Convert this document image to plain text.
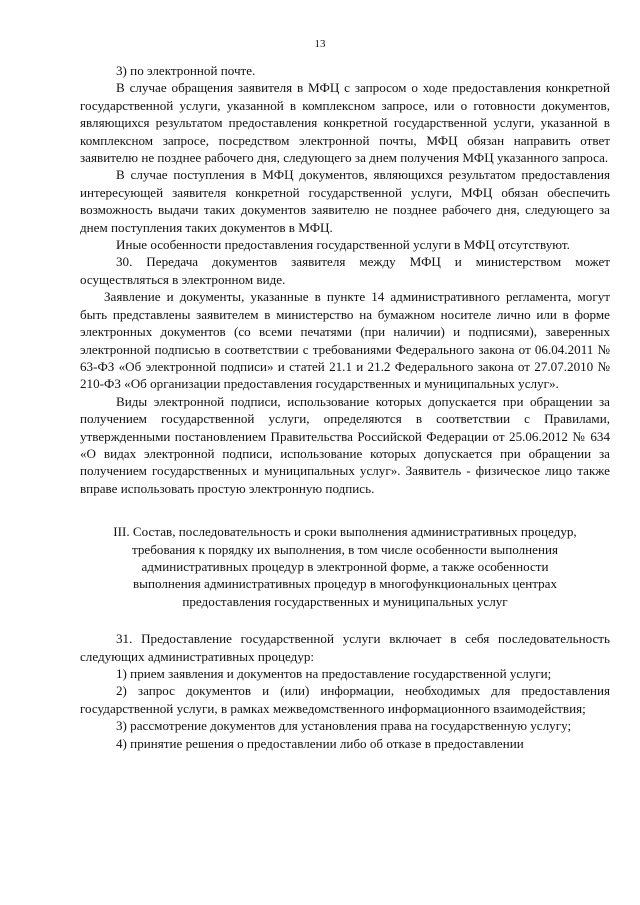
13

3) по электронной почте.

В случае обращения заявителя в МФЦ с запросом о ходе предоставления конкретной государственной услуги, указанной в комплексном запросе, или о готовности документов, являющихся результатом предоставления конкретной государственной услуги, указанной в комплексном запросе, посредством электронной почты, МФЦ обязан направить ответ заявителю не позднее рабочего дня, следующего за днем получения МФЦ указанного запроса.

В случае поступления в МФЦ документов, являющихся результатом предоставления интересующей заявителя конкретной государственной услуги, МФЦ обязан обеспечить возможность выдачи таких документов заявителю не позднее рабочего дня, следующего за днем поступления таких документов в МФЦ.

Иные особенности предоставления государственной услуги в МФЦ отсутствуют.

30. Передача документов заявителя между МФЦ и министерством может осуществляться в электронном виде.

Заявление и документы, указанные в пункте 14 административного регламента, могут быть представлены заявителем в министерство на бумажном носителе лично или в форме электронных документов (со всеми печатями (при наличии) и подписями), заверенных электронной подписью в соответствии с требованиями Федерального закона от 06.04.2011 № 63-ФЗ «Об электронной подписи» и статей 21.1 и 21.2 Федерального закона от 27.07.2010 № 210-ФЗ «Об организации предоставления государственных и муниципальных услуг».

Виды электронной подписи, использование которых допускается при обращении за получением государственной услуги, определяются в соответствии с Правилами, утвержденными постановлением Правительства Российской Федерации от 25.06.2012 № 634 «О видах электронной подписи, использование которых допускается при обращении за получением государственных и муниципальных услуг». Заявитель - физическое лицо также вправе использовать простую электронную подпись.

III. Состав, последовательность и сроки выполнения административных процедур,
требования к порядку их выполнения, в том числе особенности выполнения
административных процедур в электронной форме, а также особенности
выполнения административных процедур в многофункциональных центрах
предоставления государственных и муниципальных услуг

31. Предоставление государственной услуги включает в себя последовательность следующих административных процедур:

1) прием заявления и документов на предоставление государственной услуги;

2) запрос документов и (или) информации, необходимых для предоставления государственной услуги, в рамках межведомственного информационного взаимодействия;

3) рассмотрение документов для установления права на государственную услугу;

4) принятие решения о предоставлении либо об отказе в предоставлении
